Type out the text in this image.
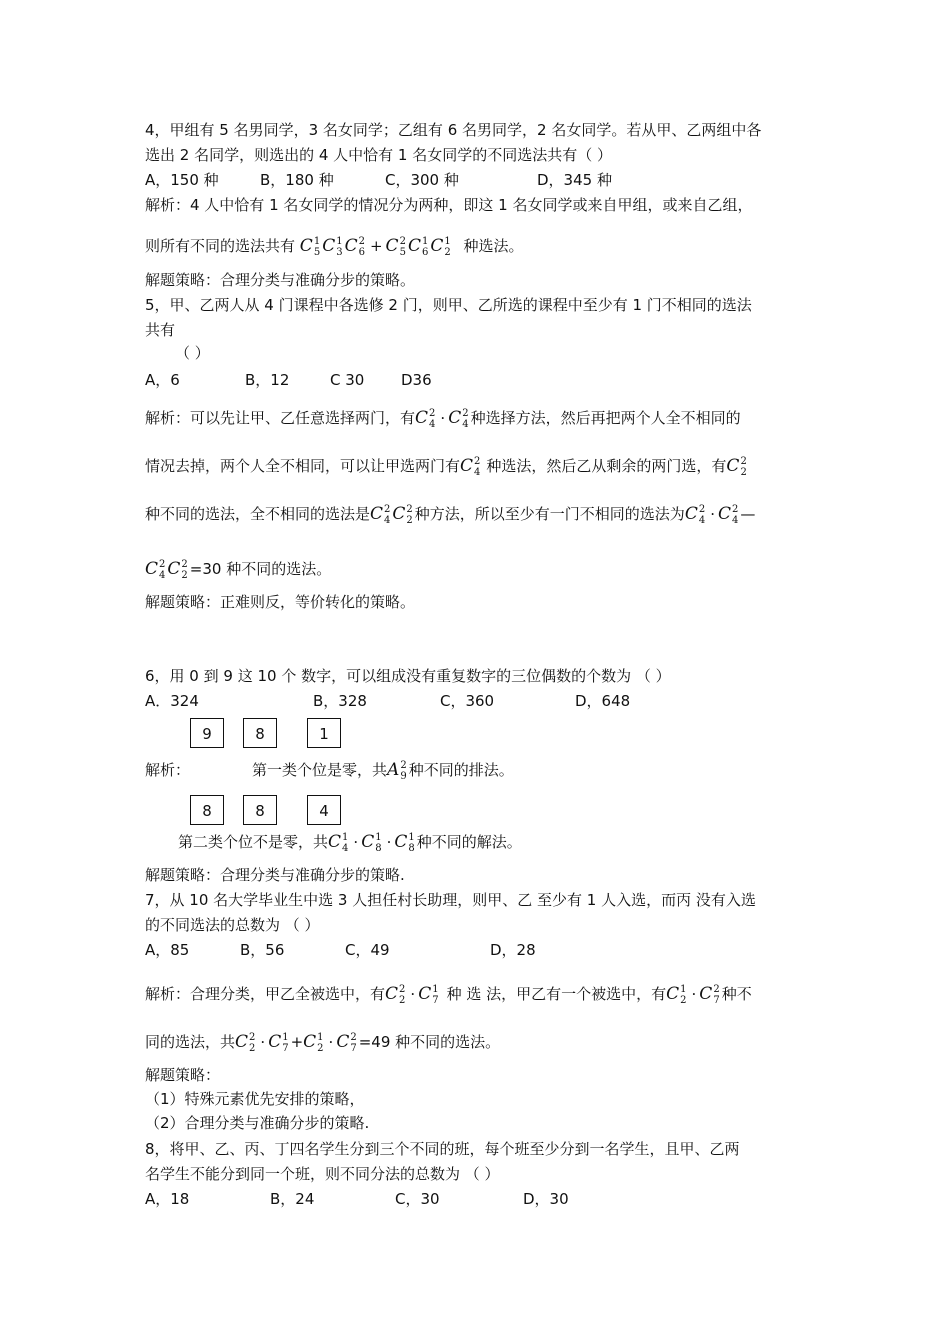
4，甲组有 5 名男同学，3 名女同学；乙组有 6 名男同学，2 名女同学。若从甲、乙两组中各
选出 2 名同学，则选出的 4 人中恰有 1 名女同学的不同选法共有（ ）
A，150 种	B，180 种	C，300 种	D，345 种
解析：4 人中恰有 1 名女同学的情况分为两种，即这 1 名女同学或来自甲组，或来自乙组，
则所有不同的选法共有 C 1
5 C 1
3 C 2
6 + C 2
5 C 1
6 C 1
2 种选法。
解题策略：合理分类与准确分步的策略。
5，甲、乙两人从 4 门课程中各选修 2 门，则甲、乙所选的课程中至少有 1 门不相同的选法
共有
（ ）
A，6	B，12	C 30 D36
解析：可以先让甲、乙任意选择两门，有C 2
4 · C 2
4 种选择方法，然后再把两个人全不相同的
情况去掉，两个人全不相同，可以让甲选两门有C 2
4 种选法，然后乙从剩余的两门选，有C 2
2
种不同的选法，全不相同的选法是C 2
4 C 2
2 种方法，所以至少有一门不相同的选法为C 2
4 · C 2
4 —
C 2
4 C 2
2 =30 种不同的选法。
解题策略：正难则反，等价转化的策略。
6，用 0 到 9 这 10 个 数字，可以组成没有重复数字的三位偶数的个数为 （ ）
A．324	B，328	C，360	D，648
9	8	1
解析：	第一类个位是零，共A 2
9 种不同的排法。
8	8	4
第二类个位不是零，共C 1
4 · C 1
8 · C 1
8 种不同的解法。
解题策略：合理分类与准确分步的策略.
7，从 10 名大学毕业生中选 3 人担任村长助理，则甲、乙 至少有 1 人入选，而丙 没有入选
的不同选法的总数为 （ ）
A，85	B，56	C，49	D，28
解析：合理分类，甲乙全被选中，有C 2
2 · C 1
7 种 选 法，甲乙有一个被选中，有C 1
2 · C 2
7 种不
同的选法，共C 2
2 · C 1
7 +C 1
2 · C 2
7 =49 种不同的选法。
解题策略：
（1）特殊元素优先安排的策略，
（2）合理分类与准确分步的策略.
8，将甲、乙、丙、丁四名学生分到三个不同的班，每个班至少分到一名学生，且甲、乙两
名学生不能分到同一个班，则不同分法的总数为 （ ）
A，18	B，24	C，30	D，30
